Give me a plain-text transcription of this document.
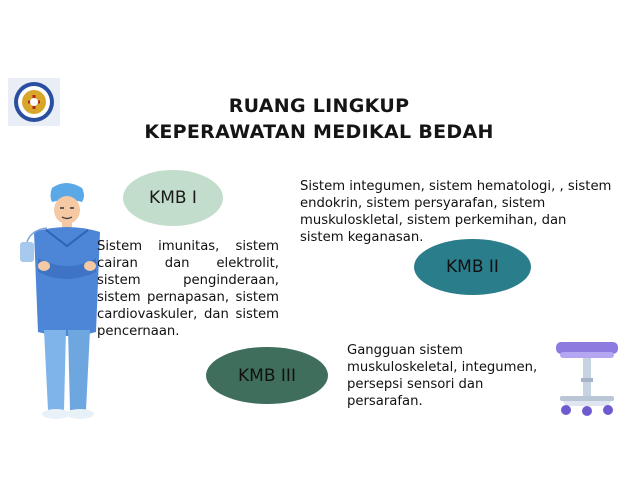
RUANG LINGKUP
KEPERAWATAN MEDIKAL BEDAH
KMB I
Sistem imunitas, sistem cairan dan elektrolit, sistem penginderaan, sistem pernapasan, sistem cardiovaskuler, dan sistem pencernaan.
Sistem integumen, sistem hematologi, , sistem endokrin, sistem persyarafan, sistem muskuloskletal, sistem perkemihan, dan sistem keganasan.
KMB II
KMB III
Gangguan sistem muskuloskeletal, integumen, persepsi sensori dan persarafan.
